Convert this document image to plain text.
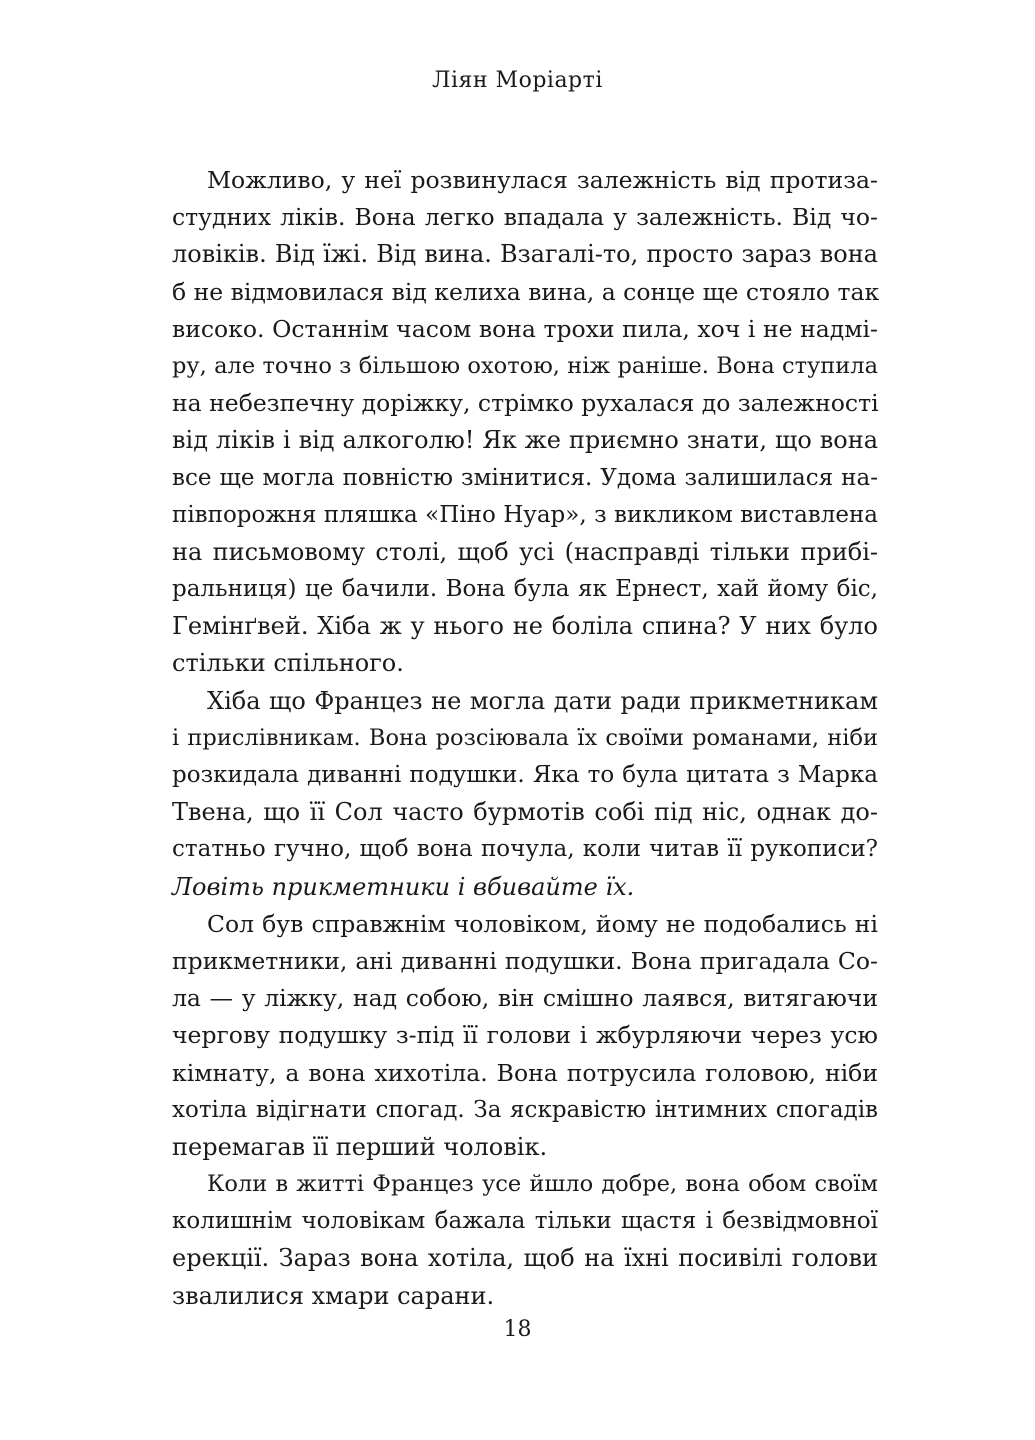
Ліян Моріарті
Можливо, у неї розвинулася залежність від протиза-
студних ліків. Вона легко впадала у залежність. Від чо-
ловіків. Від їжі. Від вина. Взагалі-то, просто зараз вона
б не відмовилася від келиха вина, а сонце ще стояло так
високо. Останнім часом вона трохи пила, хоч і не надмі-
ру, але точно з більшою охотою, ніж раніше. Вона ступила
на небезпечну доріжку, стрімко рухалася до залежності
від ліків і від алкоголю! Як же приємно знати, що вона
все ще могла повністю змінитися. Удома залишилася на-
півпорожня пляшка «Піно Нуар», з викликом виставлена
на письмовому столі, щоб усі (насправді тільки прибі-
ральниця) це бачили. Вона була як Ернест, хай йому біс,
Гемінґвей. Хіба ж у нього не боліла спина? У них було
стільки спільного.
Хіба що Францез не могла дати ради прикметникам
і прислівникам. Вона розсіювала їх своїми романами, ніби
розкидала диванні подушки. Яка то була цитата з Марка
Твена, що її Сол часто бурмотів собі під ніс, однак до-
статньо гучно, щоб вона почула, коли читав її рукописи?
Ловіть прикметники і вбивайте їх.
Сол був справжнім чоловіком, йому не подобались ні
прикметники, ані диванні подушки. Вона пригадала Со-
ла — у ліжку, над собою, він смішно лаявся, витягаючи
чергову подушку з-під її голови і жбурляючи через усю
кімнату, а вона хихотіла. Вона потрусила головою, ніби
хотіла відігнати спогад. За яскравістю інтимних спогадів
перемагав її перший чоловік.
Коли в житті Францез усе йшло добре, вона обом своїм
колишнім чоловікам бажала тільки щастя і безвідмовної
ерекції. Зараз вона хотіла, щоб на їхні посивілі голови
звалилися хмари сарани.
18
